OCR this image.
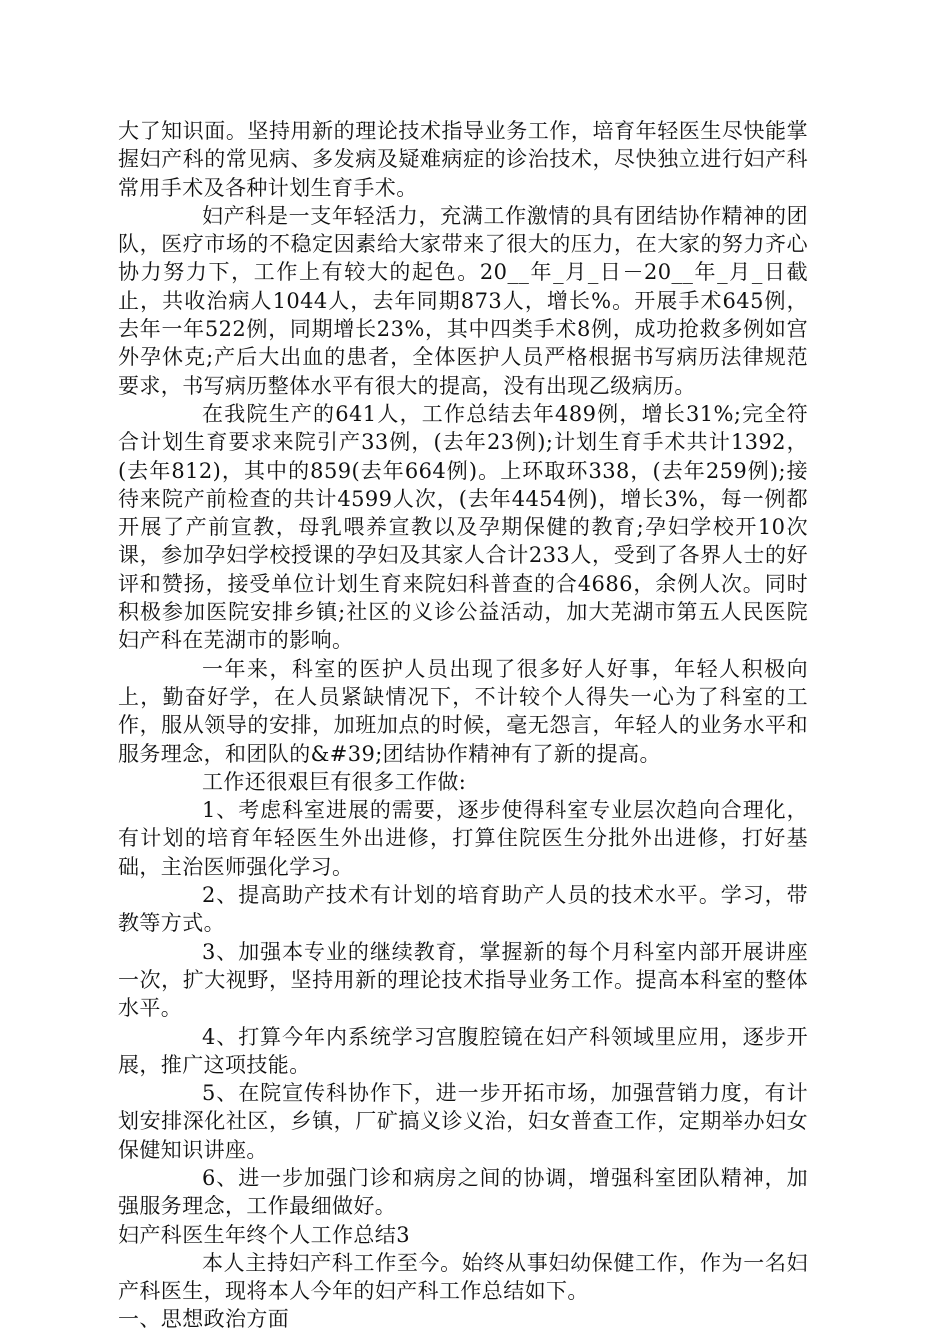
大了知识面。坚持用新的理论技术指导业务工作，培育年轻医生尽快能掌握妇产科的常见病、多发病及疑难病症的诊治技术，尽快独立进行妇产科常用手术及各种计划生育手术。

妇产科是一支年轻活力，充满工作激情的具有团结协作精神的团队，医疗市场的不稳定因素给大家带来了很大的压力，在大家的努力齐心协力努力下，工作上有较大的起色。20__年_月_日－20__年_月_日截止，共收治病人1044人，去年同期873人，增长%。开展手术645例，去年一年522例，同期增长23%，其中四类手术8例，成功抢救多例如宫外孕休克;产后大出血的患者，全体医护人员严格根据书写病历法律规范要求，书写病历整体水平有很大的提高，没有出现乙级病历。

在我院生产的641人，工作总结去年489例，增长31%;完全符合计划生育要求来院引产33例，(去年23例);计划生育手术共计1392，(去年812)，其中的859(去年664例)。上环取环338，(去年259例);接待来院产前检查的共计4599人次，(去年4454例)，增长3%，每一例都开展了产前宣教，母乳喂养宣教以及孕期保健的教育;孕妇学校开10次课，参加孕妇学校授课的孕妇及其家人合计233人，受到了各界人士的好评和赞扬，接受单位计划生育来院妇科普查的合4686，余例人次。同时积极参加医院安排乡镇;社区的义诊公益活动，加大芜湖市第五人民医院妇产科在芜湖市的影响。

一年来，科室的医护人员出现了很多好人好事，年轻人积极向上，勤奋好学，在人员紧缺情况下，不计较个人得失一心为了科室的工作，服从领导的安排，加班加点的时候，毫无怨言，年轻人的业务水平和服务理念，和团队的&#39;团结协作精神有了新的提高。

工作还很艰巨有很多工作做:

1、考虑科室进展的需要，逐步使得科室专业层次趋向合理化，有计划的培育年轻医生外出进修，打算住院医生分批外出进修，打好基础，主治医师强化学习。

2、提高助产技术有计划的培育助产人员的技术水平。学习，带教等方式。

3、加强本专业的继续教育，掌握新的每个月科室内部开展讲座一次，扩大视野，坚持用新的理论技术指导业务工作。提高本科室的整体水平。

4、打算今年内系统学习宫腹腔镜在妇产科领域里应用，逐步开展，推广这项技能。

5、在院宣传科协作下，进一步开拓市场，加强营销力度，有计划安排深化社区，乡镇，厂矿搞义诊义治，妇女普查工作，定期举办妇女保健知识讲座。

6、进一步加强门诊和病房之间的协调，增强科室团队精神，加强服务理念，工作最细做好。

妇产科医生年终个人工作总结3

本人主持妇产科工作至今。始终从事妇幼保健工作，作为一名妇产科医生，现将本人今年的妇产科工作总结如下。

一、思想政治方面
